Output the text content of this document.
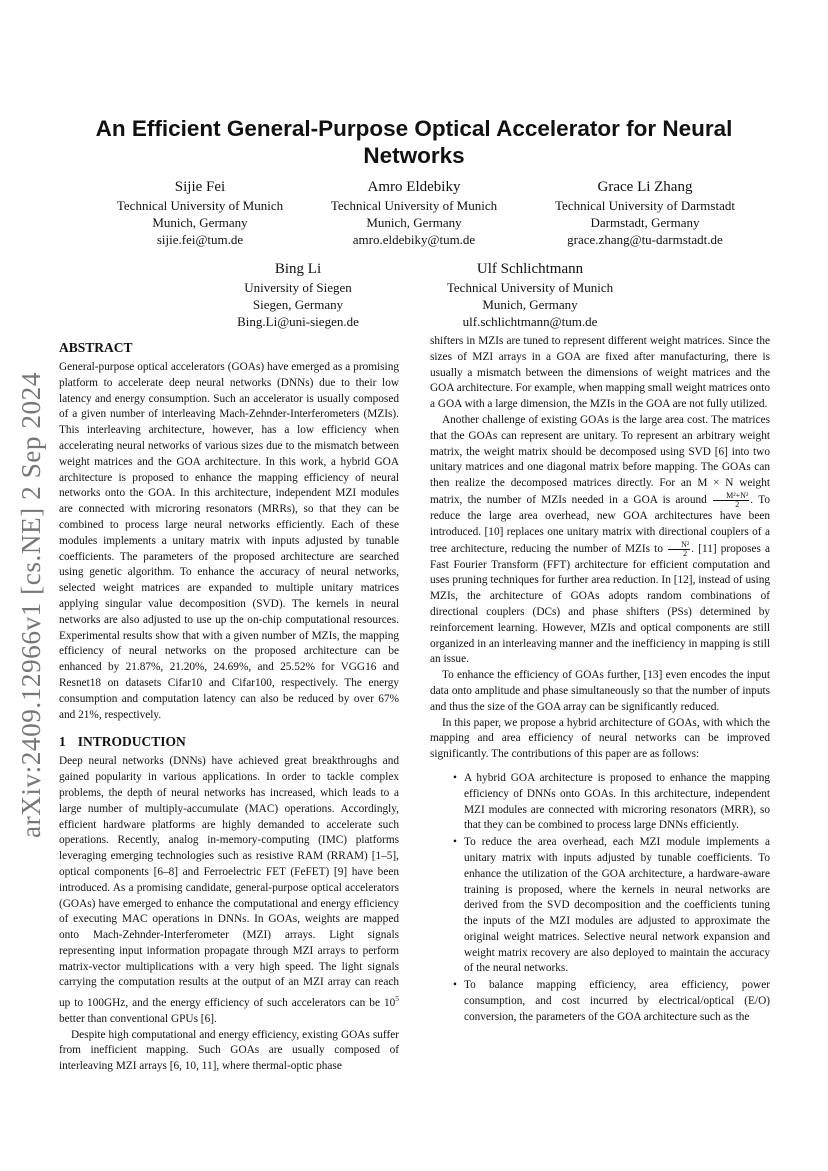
arXiv:2409.12966v1 [cs.NE] 2 Sep 2024
An Efficient General-Purpose Optical Accelerator for Neural Networks
Sijie Fei
Technical University of Munich
Munich, Germany
sijie.fei@tum.de
Amro Eldebiky
Technical University of Munich
Munich, Germany
amro.eldebiky@tum.de
Grace Li Zhang
Technical University of Darmstadt
Darmstadt, Germany
grace.zhang@tu-darmstadt.de
Bing Li
University of Siegen
Siegen, Germany
Bing.Li@uni-siegen.de
Ulf Schlichtmann
Technical University of Munich
Munich, Germany
ulf.schlichtmann@tum.de
ABSTRACT

General-purpose optical accelerators (GOAs) have emerged as a promising platform to accelerate deep neural networks (DNNs) due to their low latency and energy consumption. Such an accelerator is usually composed of a given number of interleaving Mach-Zehnder-Interferometers (MZIs). This interleaving architecture, however, has a low efficiency when accelerating neural networks of various sizes due to the mismatch between weight matrices and the GOA architecture. In this work, a hybrid GOA architecture is proposed to enhance the mapping efficiency of neural networks onto the GOA. In this architecture, independent MZI modules are connected with microring resonators (MRRs), so that they can be combined to process large neural networks efficiently. Each of these modules implements a unitary matrix with inputs adjusted by tunable coefficients. The parameters of the proposed architecture are searched using genetic algorithm. To enhance the accuracy of neural networks, selected weight matrices are expanded to multiple unitary matrices applying singular value decomposition (SVD). The kernels in neural networks are also adjusted to use up the on-chip computational resources. Experimental results show that with a given number of MZIs, the mapping efficiency of neural networks on the proposed architecture can be enhanced by 21.87%, 21.20%, 24.69%, and 25.52% for VGG16 and Resnet18 on datasets Cifar10 and Cifar100, respectively. The energy consumption and computation latency can also be reduced by over 67% and 21%, respectively.

1 INTRODUCTION

Deep neural networks (DNNs) have achieved great breakthroughs and gained popularity in various applications. In order to tackle complex problems, the depth of neural networks has increased, which leads to a large number of multiply-accumulate (MAC) operations. Accordingly, efficient hardware platforms are highly demanded to accelerate such operations. Recently, analog in-memory-computing (IMC) platforms leveraging emerging technologies such as resistive RAM (RRAM) [1–5], optical components [6–8] and Ferroelectric FET (FeFET) [9] have been introduced. As a promising candidate, general-purpose optical accelerators (GOAs) have emerged to enhance the computational and energy efficiency of executing MAC operations in DNNs. In GOAs, weights are mapped onto Mach-Zehnder-Interferometer (MZI) arrays. Light signals representing input information propagate through MZI arrays to perform matrix-vector multiplications with a very high speed. The light signals carrying the computation results at the output of an MZI array can reach up to 100GHz, and the energy efficiency of such accelerators can be $10^5$ better than conventional GPUs [6].

Despite high computational and energy efficiency, existing GOAs suffer from inefficient mapping. Such GOAs are usually composed of interleaving MZI arrays [6, 10, 11], where thermal-optic phase

shifters in MZIs are tuned to represent different weight matrices. Since the sizes of MZI arrays in a GOA are fixed after manufacturing, there is usually a mismatch between the dimensions of weight matrices and the GOA architecture. For example, when mapping small weight matrices onto a GOA with a large dimension, the MZIs in the GOA are not fully utilized.

Another challenge of existing GOAs is the large area cost. The matrices that the GOAs can represent are unitary. To represent an arbitrary weight matrix, the weight matrix should be decomposed using SVD [6] into two unitary matrices and one diagonal matrix before mapping. The GOAs can then realize the decomposed matrices directly. For an M × N weight matrix, the number of MZIs needed in a GOA is around $\frac{\text{M²+N²}}{2}$ . To reduce the large area overhead, new GOA architectures have been introduced. [10] replaces one unitary matrix with directional couplers of a tree architecture, reducing the number of MZIs to $\frac{\text{N²}}{2}$ . [11] proposes a Fast Fourier Transform (FFT) architecture for efficient computation and uses pruning techniques for further area reduction. In [12], instead of using MZIs, the architecture of GOAs adopts random combinations of directional couplers (DCs) and phase shifters (PSs) determined by reinforcement learning. However, MZIs and optical components are still organized in an interleaving manner and the inefficiency in mapping is still an issue.

To enhance the efficiency of GOAs further, [13] even encodes the input data onto amplitude and phase simultaneously so that the number of inputs and thus the size of the GOA array can be significantly reduced.

In this paper, we propose a hybrid architecture of GOAs, with which the mapping and area efficiency of neural networks can be improved significantly. The contributions of this paper are as follows:

• A hybrid GOA architecture is proposed to enhance the mapping efficiency of DNNs onto GOAs. In this architecture, independent MZI modules are connected with microring resonators (MRR), so that they can be combined to process large DNNs efficiently.
• To reduce the area overhead, each MZI module implements a unitary matrix with inputs adjusted by tunable coefficients. To enhance the utilization of the GOA architecture, a hardware-aware training is proposed, where the kernels in neural networks are derived from the SVD decomposition and the coefficients tuning the inputs of the MZI modules are adjusted to approximate the original weight matrices. Selective neural network expansion and weight matrix recovery are also deployed to maintain the accuracy of the neural networks.
• To balance mapping efficiency, area efficiency, power consumption, and cost incurred by electrical/optical (E/O) conversion, the parameters of the GOA architecture such as the
